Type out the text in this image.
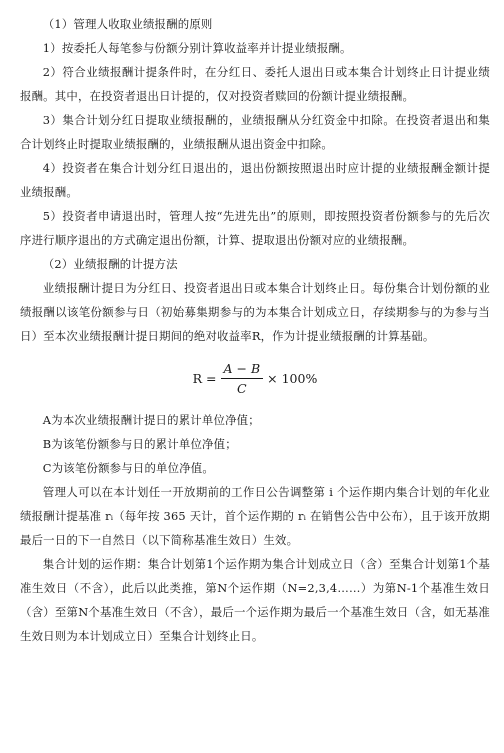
（1）管理人收取业绩报酬的原则

1）按委托人每笔参与份额分别计算收益率并计提业绩报酬。

2）符合业绩报酬计提条件时，在分红日、委托人退出日或本集合计划终止日计提业绩报酬。其中，在投资者退出日计提的，仅对投资者赎回的份额计提业绩报酬。

3）集合计划分红日提取业绩报酬的，业绩报酬从分红资金中扣除。在投资者退出和集合计划终止时提取业绩报酬的，业绩报酬从退出资金中扣除。

4）投资者在集合计划分红日退出的，退出份额按照退出时应计提的业绩报酬金额计提业绩报酬。

5）投资者申请退出时，管理人按“先进先出”的原则，即按照投资者份额参与的先后次序进行顺序退出的方式确定退出份额，计算、提取退出份额对应的业绩报酬。

（2）业绩报酬的计提方法

业绩报酬计提日为分红日、投资者退出日或本集合计划终止日。每份集合计划份额的业绩报酬以该笔份额参与日（初始募集期参与的为本集合计划成立日，存续期参与的为参与当日）至本次业绩报酬计提日期间的绝对收益率R，作为计提业绩报酬的计算基础。

$R = \frac{A - B}{C} \times 100\%$

A为本次业绩报酬计提日的累计单位净值；

B为该笔份额参与日的累计单位净值；

C为该笔份额参与日的单位净值。

管理人可以在本计划任一开放期前的工作日公告调整第 i 个运作期内集合计划的年化业绩报酬计提基准 rᵢ（每年按 365 天计，首个运作期的 rᵢ 在销售公告中公布），且于该开放期最后一日的下一自然日（以下简称基准生效日）生效。

集合计划的运作期：集合计划第1个运作期为集合计划成立日（含）至集合计划第1个基准生效日（不含），此后以此类推，第N个运作期（N=2,3,4……）为第N-1个基准生效日（含）至第N个基准生效日（不含），最后一个运作期为最后一个基准生效日（含，如无基准生效日则为本计划成立日）至集合计划终止日。
